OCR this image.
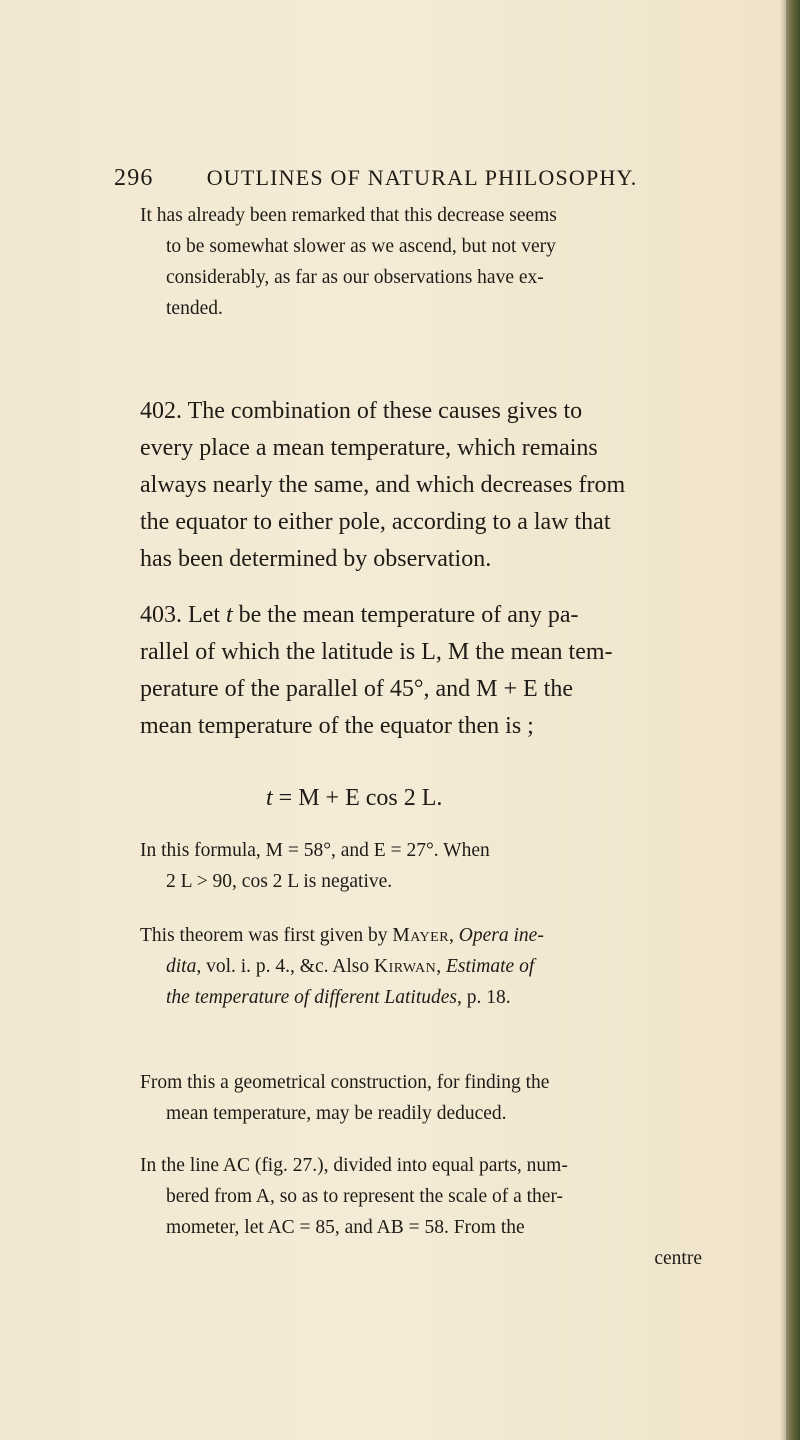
296 OUTLINES OF NATURAL PHILOSOPHY.
It has already been remarked that this decrease seems
to be somewhat slower as we ascend, but not very
considerably, as far as our observations have ex-
tended.
402. The combination of these causes gives to
every place a mean temperature, which remains
always nearly the same, and which decreases from
the equator to either pole, according to a law that
has been determined by observation.
403. Let t be the mean temperature of any pa-
rallel of which the latitude is L, M the mean tem-
perature of the parallel of 45°, and M + E the
mean temperature of the equator then is ;
t = M + E cos 2 L.
In this formula, M = 58°, and E = 27°. When
2 L > 90, cos 2 L is negative.
This theorem was first given by Mayer, Opera ine-
dita, vol. i. p. 4., &c. Also Kirwan, Estimate of
the temperature of different Latitudes, p. 18.
From this a geometrical construction, for finding the
mean temperature, may be readily deduced.
In the line AC (fig. 27.), divided into equal parts, num-
bered from A, so as to represent the scale of a ther-
mometer, let AC = 85, and AB = 58. From the
centre
